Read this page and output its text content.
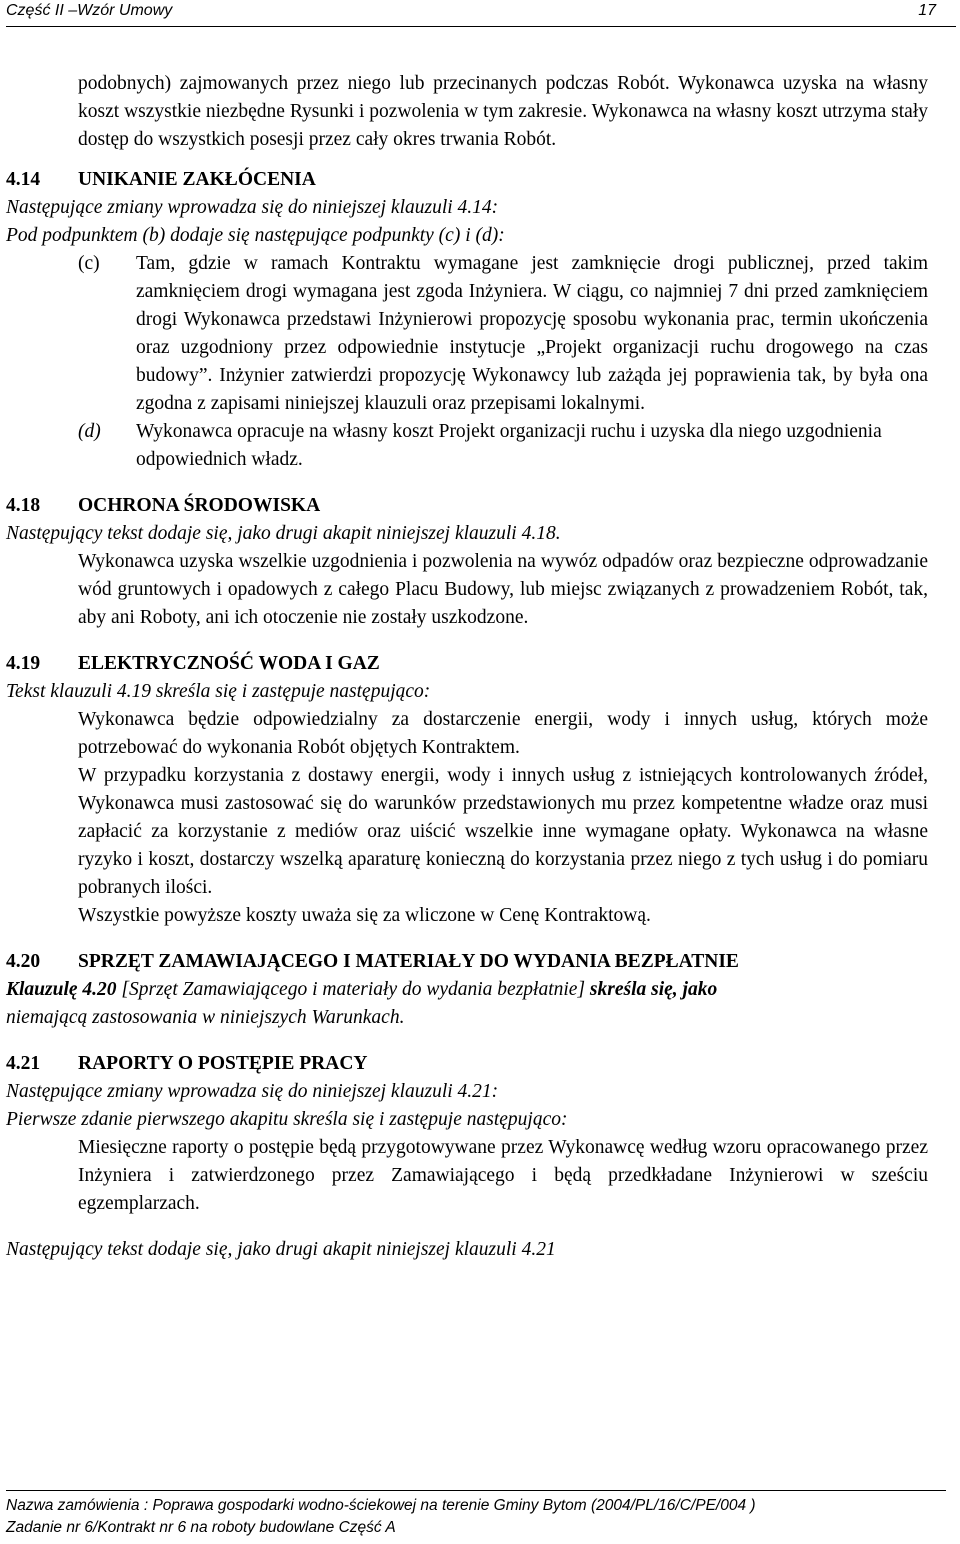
Część II –Wzór Umowy	17

podobnych) zajmowanych przez niego lub przecinanych podczas Robót. Wykonawca uzyska na własny koszt wszystkie niezbędne Rysunki i pozwolenia w tym zakresie. Wykonawca na własny koszt utrzyma stały dostęp do wszystkich posesji przez cały okres trwania Robót.

4.14 UNIKANIE ZAKŁÓCENIA

Następujące zmiany wprowadza się do niniejszej klauzuli 4.14:

Pod podpunktem (b) dodaje się następujące podpunkty (c) i (d):

(c) Tam, gdzie w ramach Kontraktu wymagane jest zamknięcie drogi publicznej, przed takim zamknięciem drogi wymagana jest zgoda Inżyniera. W ciągu, co najmniej 7 dni przed zamknięciem drogi Wykonawca przedstawi Inżynierowi propozycję sposobu wykonania prac, termin ukończenia oraz uzgodniony przez odpowiednie instytucje „Projekt organizacji ruchu drogowego na czas budowy”. Inżynier zatwierdzi propozycję Wykonawcy lub zażąda jej poprawienia tak, by była ona zgodna z zapisami niniejszej klauzuli oraz przepisami lokalnymi.
(d) Wykonawca opracuje na własny koszt Projekt organizacji ruchu i uzyska dla niego uzgodnienia odpowiednich władz.

4.18 OCHRONA ŚRODOWISKA

Następujący tekst dodaje się, jako drugi akapit niniejszej klauzuli 4.18.

Wykonawca uzyska wszelkie uzgodnienia i pozwolenia na wywóz odpadów oraz bezpieczne odprowadzanie wód gruntowych i opadowych z całego Placu Budowy, lub miejsc związanych z prowadzeniem Robót, tak, aby ani Roboty, ani ich otoczenie nie zostały uszkodzone.

4.19 ELEKTRYCZNOŚĆ WODA I GAZ

Tekst klauzuli 4.19 skreśla się i zastępuje następująco:

Wykonawca będzie odpowiedzialny za dostarczenie energii, wody i innych usług, których może potrzebować do wykonania Robót objętych Kontraktem.

W przypadku korzystania z dostawy energii, wody i innych usług z istniejących kontrolowanych źródeł, Wykonawca musi zastosować się do warunków przedstawionych mu przez kompetentne władze oraz musi zapłacić za korzystanie z mediów oraz uiścić wszelkie inne wymagane opłaty. Wykonawca na własne ryzyko i koszt, dostarczy wszelką aparaturę konieczną do korzystania przez niego z tych usług i do pomiaru pobranych ilości.

Wszystkie powyższe koszty uważa się za wliczone w Cenę Kontraktową.

4.20 SPRZĘT ZAMAWIAJĄCEGO I MATERIAŁY DO WYDANIA BEZPŁATNIE

Klauzulę 4.20 [Sprzęt Zamawiającego i materiały do wydania bezpłatnie] skreśla się, jako

niemającą zastosowania w niniejszych Warunkach.

4.21 RAPORTY O POSTĘPIE PRACY

Następujące zmiany wprowadza się do niniejszej klauzuli 4.21:

Pierwsze zdanie pierwszego akapitu skreśla się i zastępuje następująco:

Miesięczne raporty o postępie będą przygotowywane przez Wykonawcę według wzoru opracowanego przez Inżyniera i zatwierdzonego przez Zamawiającego i będą przedkładane Inżynierowi w sześciu egzemplarzach.

Następujący tekst dodaje się, jako drugi akapit niniejszej klauzuli 4.21

Nazwa zamówienia : Poprawa gospodarki wodno-ściekowej na terenie Gminy Bytom (2004/PL/16/C/PE/004 )
Zadanie nr 6/Kontrakt nr 6 na roboty budowlane Część A
